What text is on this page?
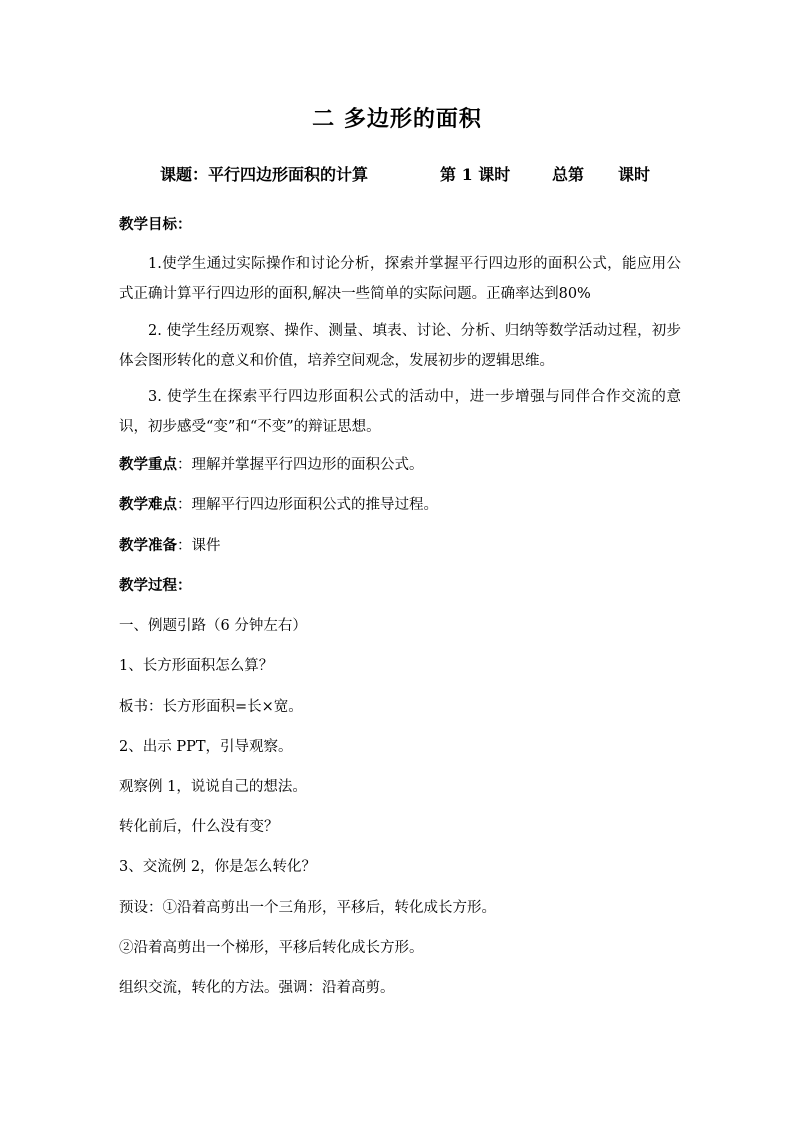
二 多边形的面积
课题：平行四边形面积的计算	第 1 课时	总第 课时
教学目标：
1.使学生通过实际操作和讨论分析，探索并掌握平行四边形的面积公式，能应用公式正确计算平行四边形的面积,解决一些简单的实际问题。正确率达到80%
2. 使学生经历观察、操作、测量、填表、讨论、分析、归纳等数学活动过程，初步体会图形转化的意义和价值，培养空间观念，发展初步的逻辑思维。
3. 使学生在探索平行四边形面积公式的活动中，进一步增强与同伴合作交流的意识，初步感受“变”和“不变”的辩证思想。
教学重点：理解并掌握平行四边形的面积公式。
教学难点：理解平行四边形面积公式的推导过程。
教学准备：课件
教学过程：
一、例题引路（6 分钟左右）
1、长方形面积怎么算？
板书：长方形面积=长×宽。
2、出示 PPT，引导观察。
观察例 1，说说自己的想法。
转化前后，什么没有变？
3、交流例 2，你是怎么转化？
预设：①沿着高剪出一个三角形，平移后，转化成长方形。
②沿着高剪出一个梯形，平移后转化成长方形。
组织交流，转化的方法。强调：沿着高剪。
